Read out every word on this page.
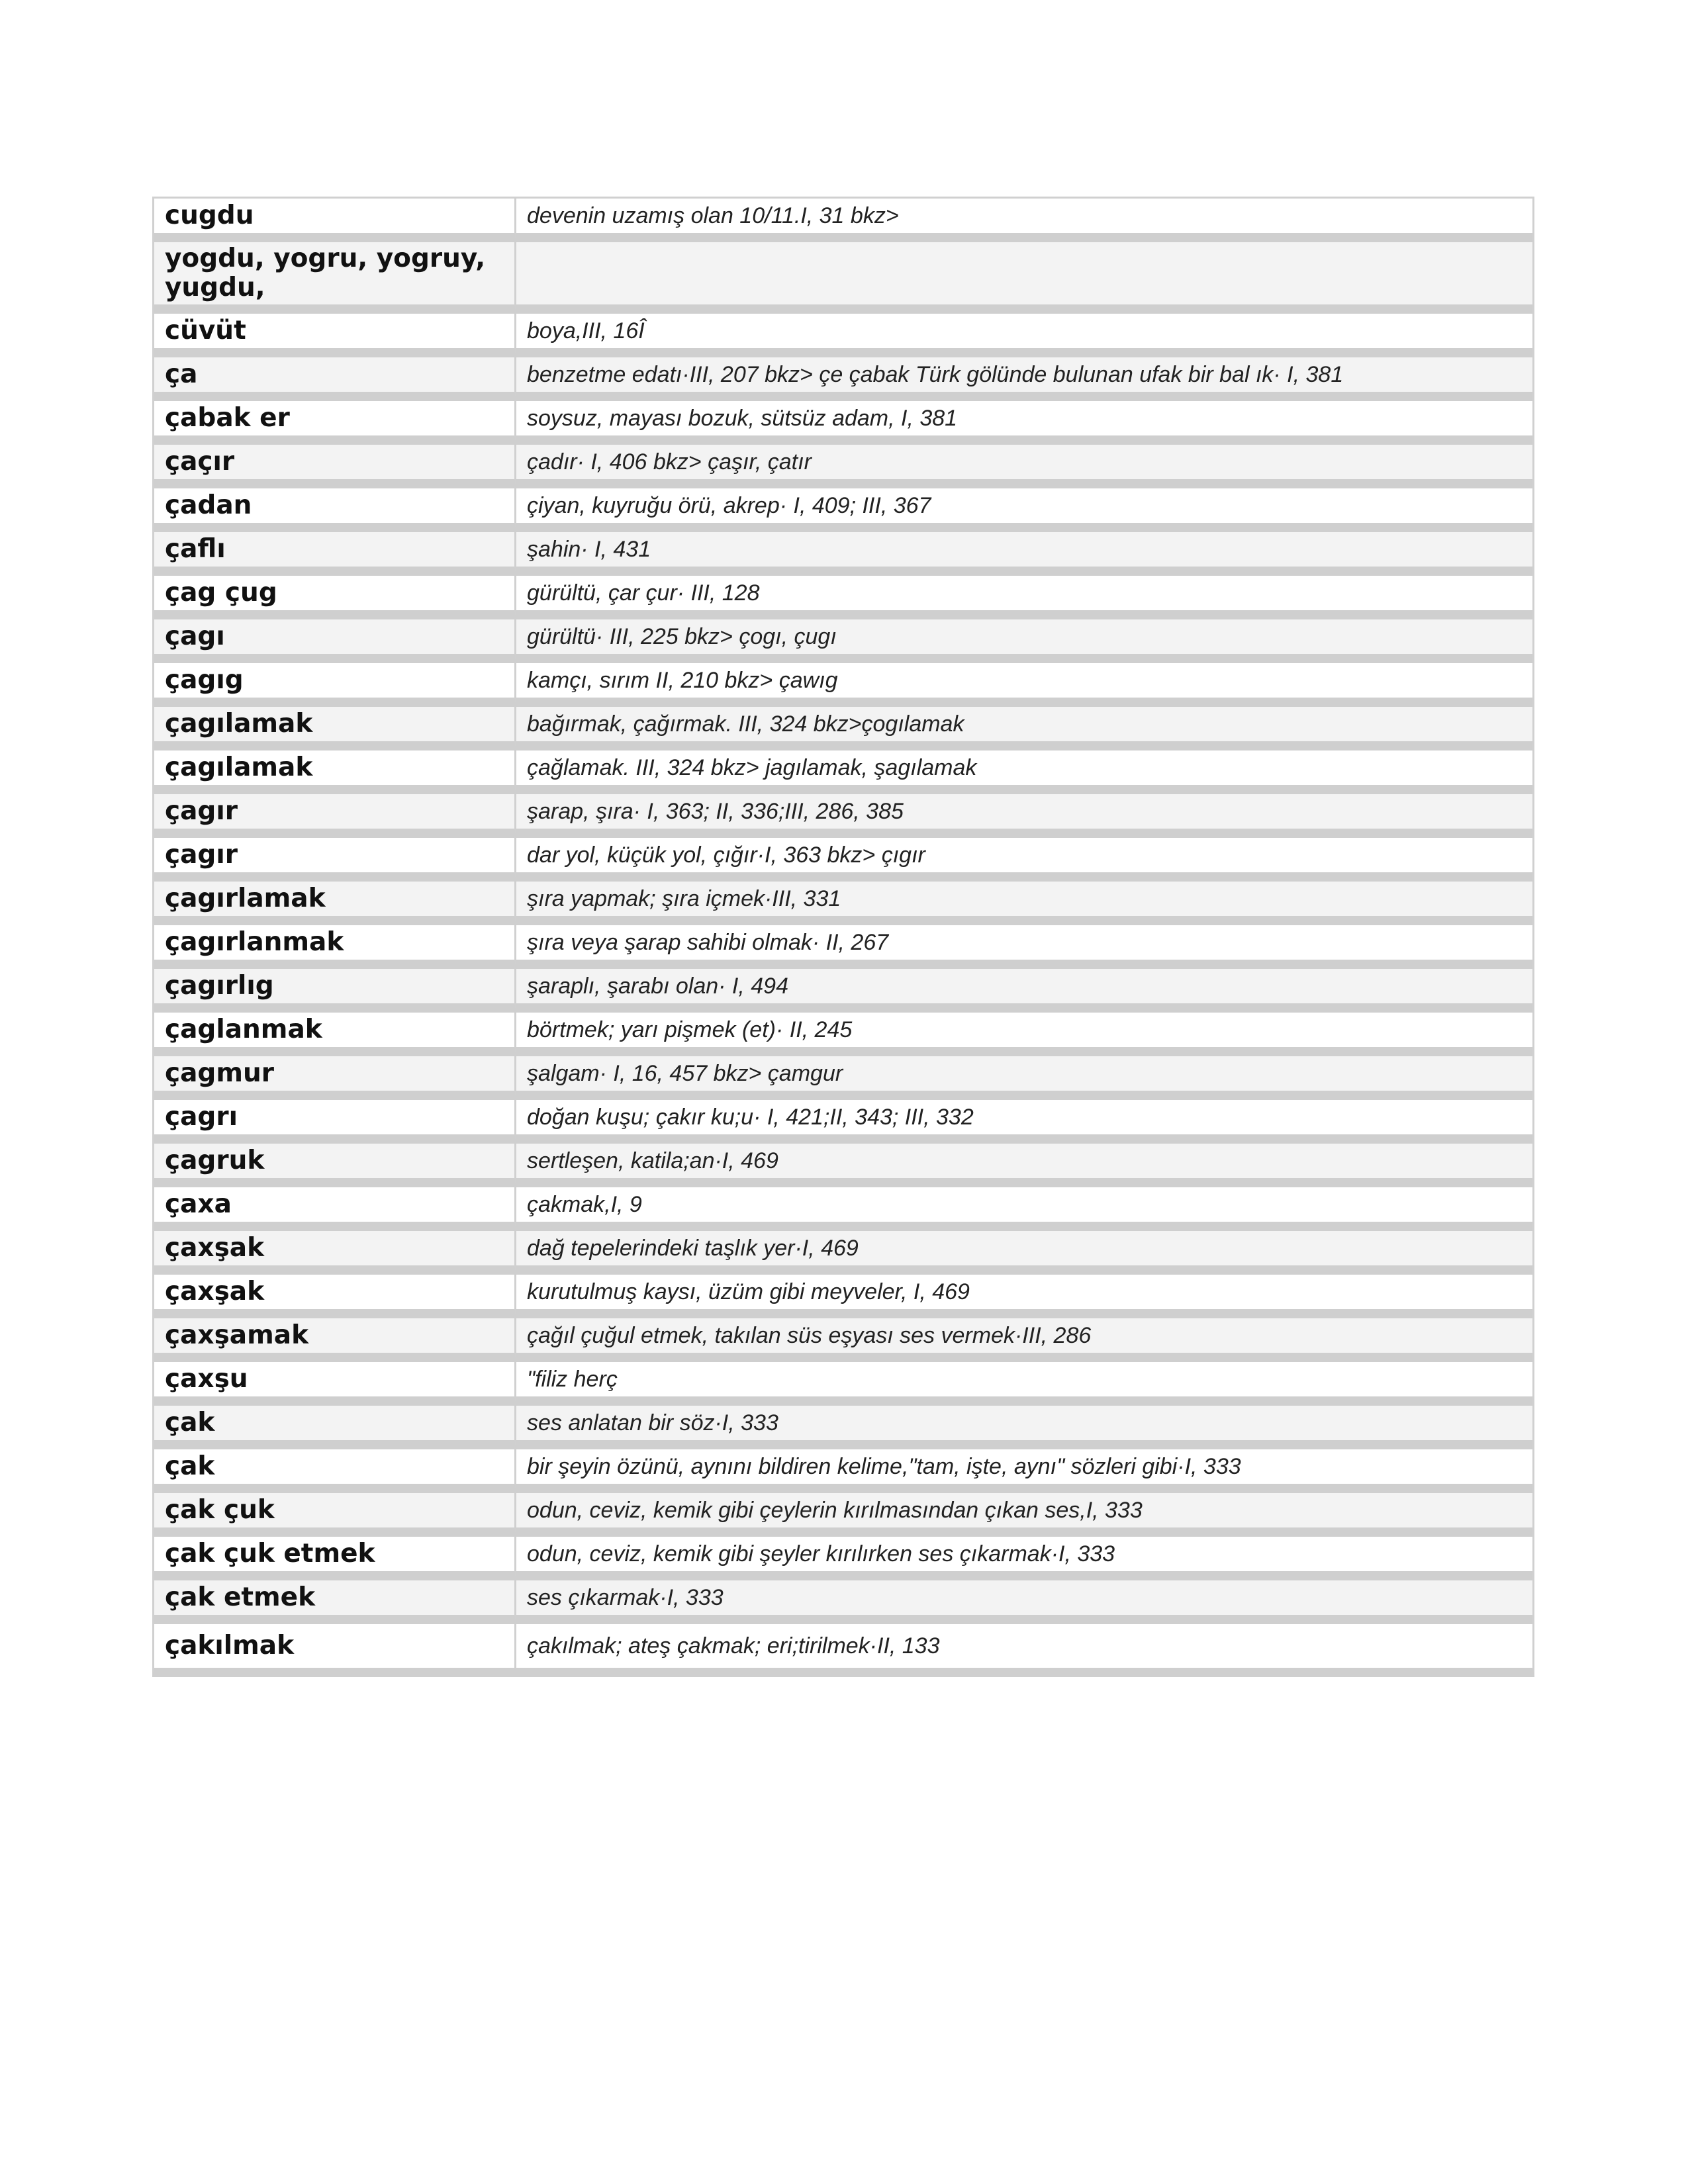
cugdu	devenin uzamış olan 10/11.I, 31 bkz>
yogdu, yogru, yogruy, yugdu,	
cüvüt	boya,III, 16Î
ça	benzetme edatı·III, 207 bkz> çe çabak Türk gölünde bulunan ufak bir bal ık· I, 381
çabak er	soysuz, mayası bozuk, sütsüz adam, I, 381
çaçır	çadır· I, 406 bkz> çaşır, çatır
çadan	çiyan, kuyruğu örü, akrep· I, 409; III, 367
çaflı	şahin· I, 431
çag çug	gürültü, çar çur· III, 128
çagı	gürültü· III, 225 bkz> çogı, çugı
çagıg	kamçı, sırım II, 210 bkz> çawıg
çagılamak	bağırmak, çağırmak. III, 324 bkz>çogılamak
çagılamak	çağlamak. III, 324 bkz> jagılamak, şagılamak
çagır	şarap, şıra· I, 363; II, 336;III, 286, 385
çagır	dar yol, küçük yol, çığır·I, 363 bkz> çıgır
çagırlamak	şıra yapmak; şıra içmek·III, 331
çagırlanmak	şıra veya şarap sahibi olmak· II, 267
çagırlıg	şaraplı, şarabı olan· I, 494
çaglanmak	börtmek; yarı pişmek (et)· II, 245
çagmur	şalgam· I, 16, 457 bkz> çamgur
çagrı	doğan kuşu; çakır ku;u· I, 421;II, 343; III, 332
çagruk	sertleşen, katila;an·I, 469
çaxa	çakmak,I, 9
çaxşak	dağ tepelerindeki taşlık yer·I, 469
çaxşak	kurutulmuş kaysı, üzüm gibi meyveler, I, 469
çaxşamak	çağıl çuğul etmek, takılan süs eşyası ses vermek·III, 286
çaxşu	"filiz herç
çak	ses anlatan bir söz·I, 333
çak	bir şeyin özünü, aynını bildiren kelime,"tam, işte, aynı" sözleri gibi·I, 333
çak çuk	odun, ceviz, kemik gibi çeylerin kırılmasından çıkan ses,I, 333
çak çuk etmek	odun, ceviz, kemik gibi şeyler kırılırken ses çıkarmak·I, 333
çak etmek	ses çıkarmak·I, 333
çakılmak	çakılmak; ateş çakmak; eri;tirilmek·II, 133
